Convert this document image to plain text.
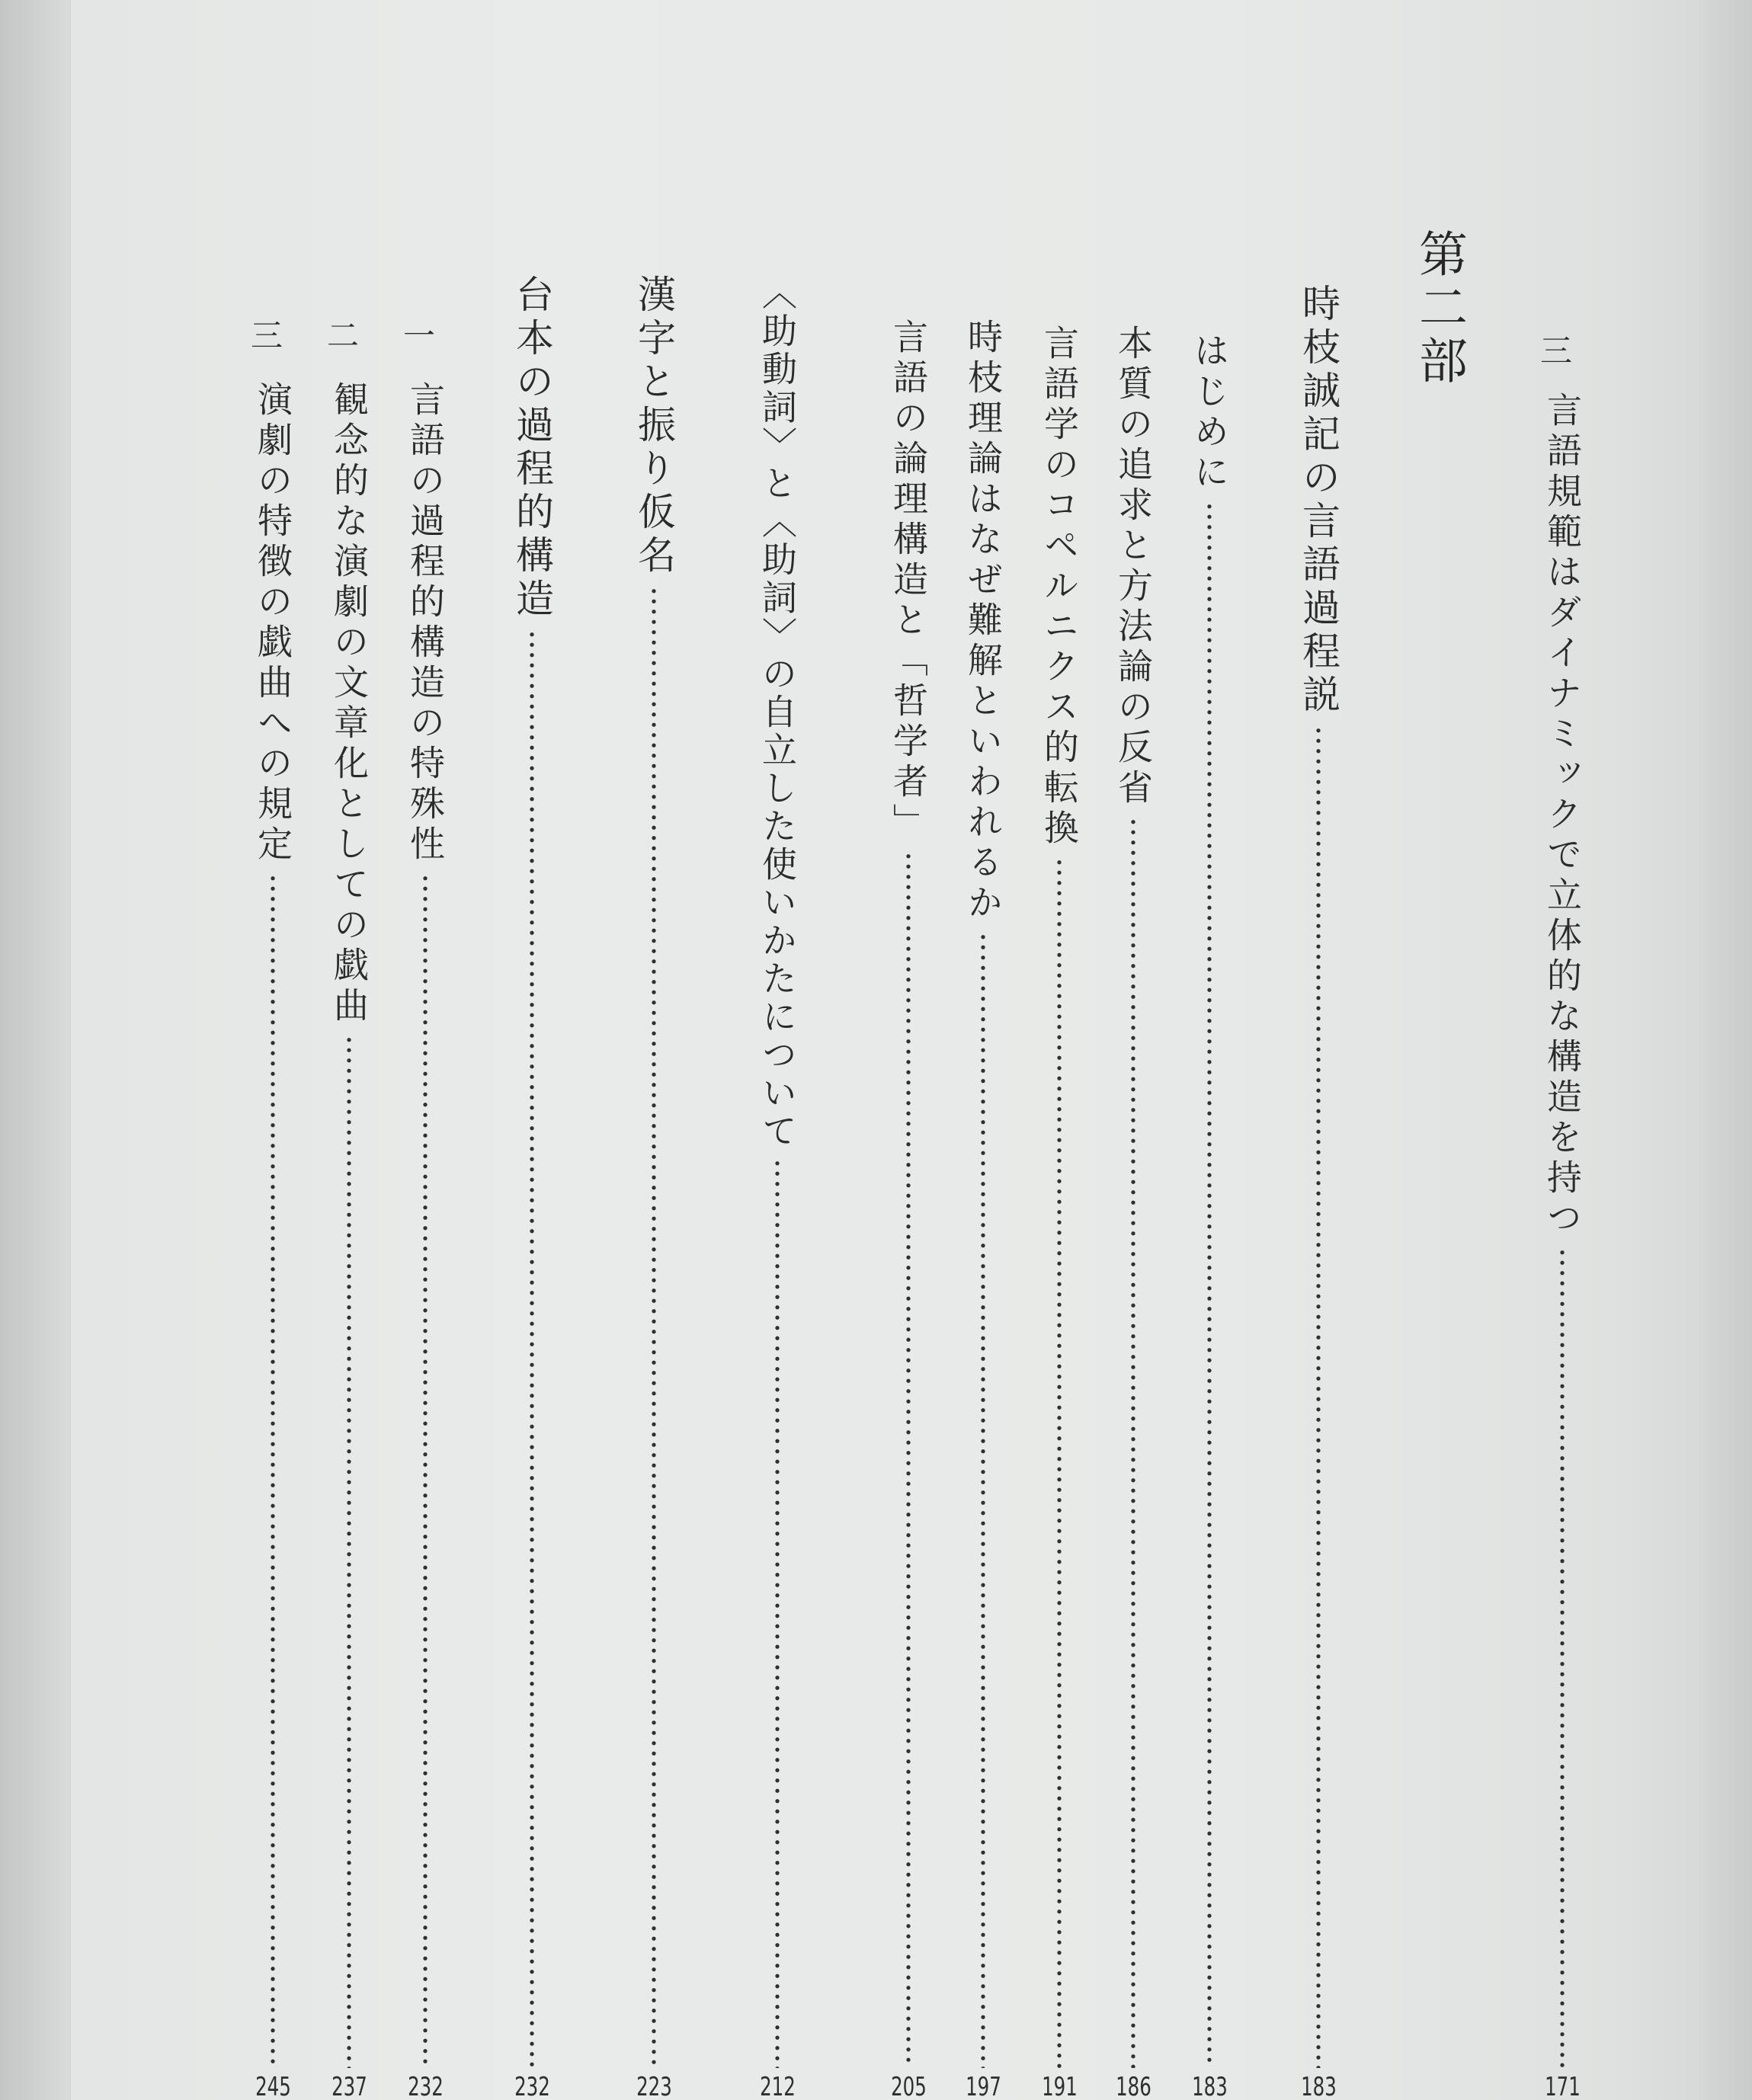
第二部 三
言語規範はダイナミックで立体的な構造を持つ
171
時枝誠記の言語過程説
183
はじめに
183
本質の追求と方法論の反省
186
言語学のコペルニクス的転換
191
時枝理論はなぜ難解といわれるか
197
言語の論理構造と「哲学者」
205
〈助動詞〉と〈助詞〉の自立した使いかたについて
212
漢字と振り仮名
223
台本の過程的構造
232
一
言語の過程的構造の特殊性
232
二
観念的な演劇の文章化としての戯曲
237
三
演劇の特徴の戯曲への規定
245
